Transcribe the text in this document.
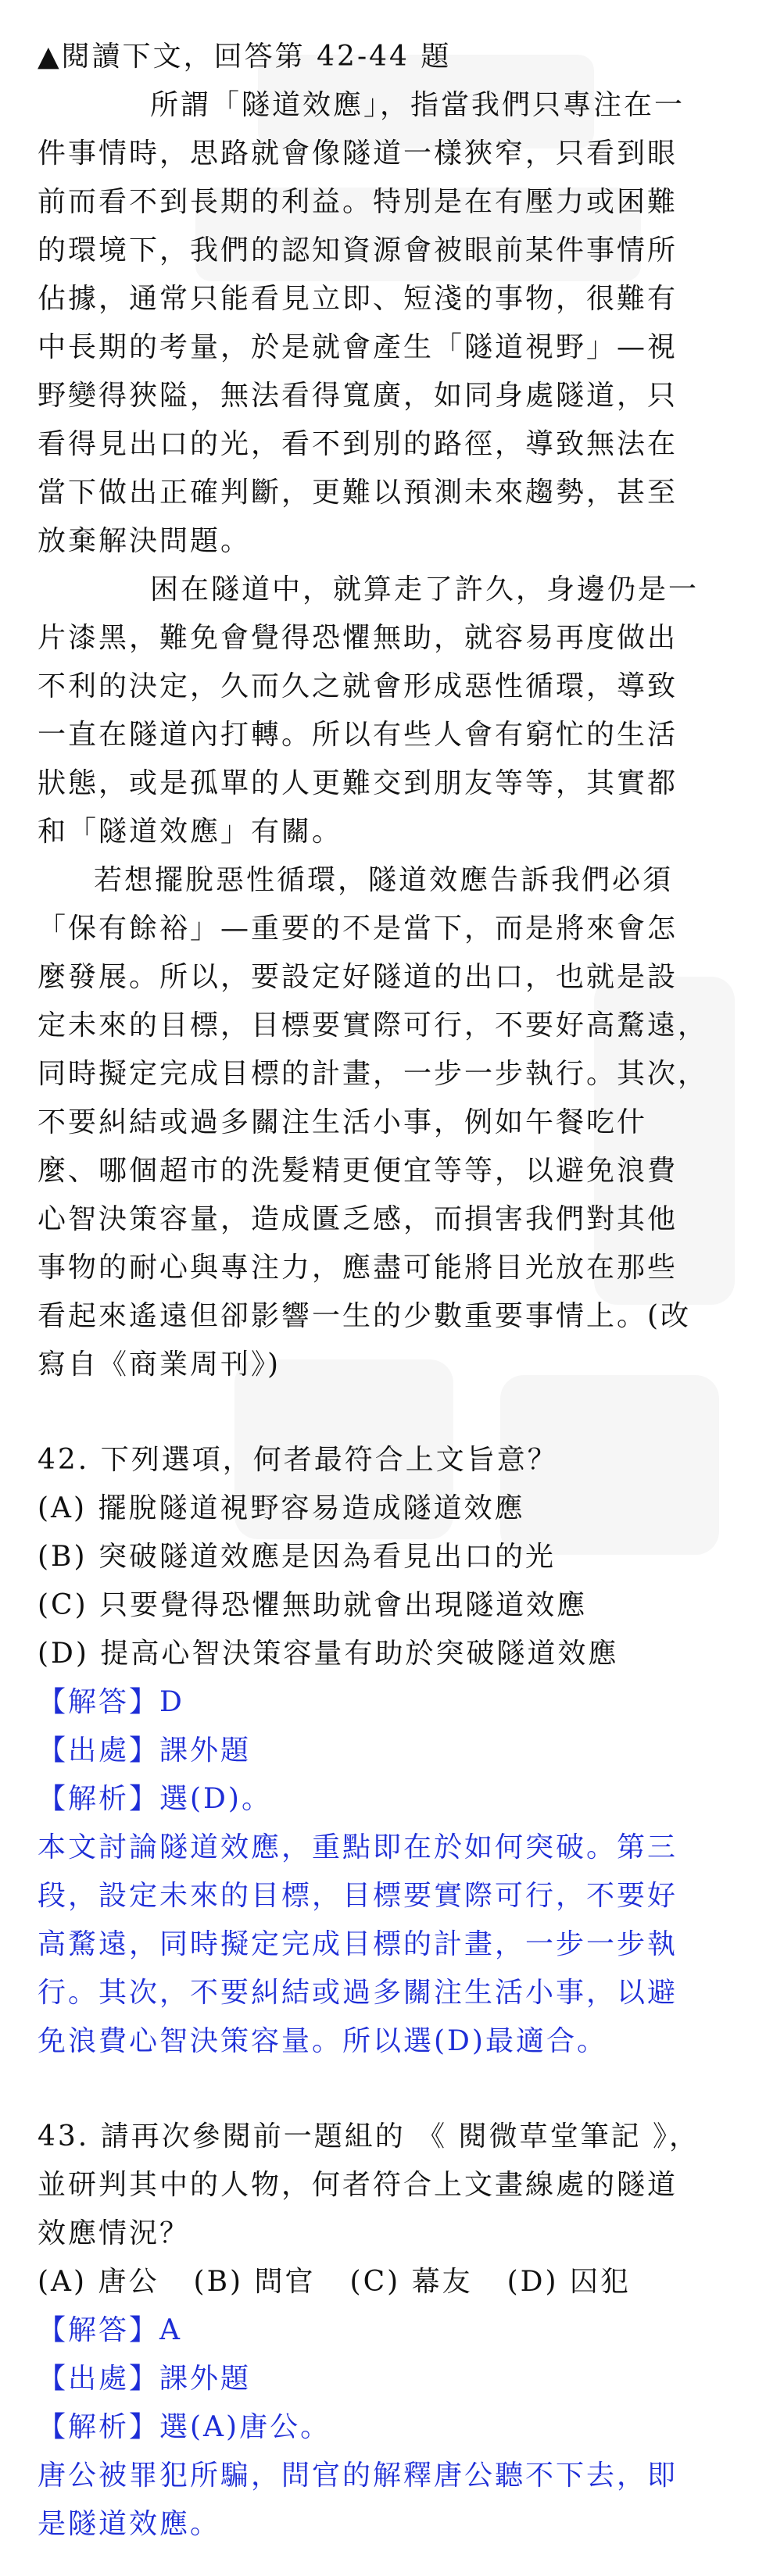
▲閱讀下文，回答第 42-44 題
所謂「隧道效應」，指當我們只專注在一
件事情時，思路就會像隧道一樣狹窄，只看到眼
前而看不到長期的利益。特別是在有壓力或困難
的環境下，我們的認知資源會被眼前某件事情所
佔據，通常只能看見立即、短淺的事物，很難有
中長期的考量，於是就會產生「隧道視野」—視
野變得狹隘，無法看得寬廣，如同身處隧道，只
看得見出口的光，看不到別的路徑，導致無法在
當下做出正確判斷，更難以預測未來趨勢，甚至
放棄解決問題。
困在隧道中，就算走了許久，身邊仍是一
片漆黑，難免會覺得恐懼無助，就容易再度做出
不利的決定，久而久之就會形成惡性循環，導致
一直在隧道內打轉。所以有些人會有窮忙的生活
狀態，或是孤單的人更難交到朋友等等，其實都
和「隧道效應」有關。
若想擺脫惡性循環，隧道效應告訴我們必須
「保有餘裕」—重要的不是當下，而是將來會怎
麼發展。所以，要設定好隧道的出口，也就是設
定未來的目標，目標要實際可行，不要好高騖遠，
同時擬定完成目標的計畫，一步一步執行。其次，
不要糾結或過多關注生活小事，例如午餐吃什
麼、哪個超市的洗髮精更便宜等等，以避免浪費
心智決策容量，造成匱乏感，而損害我們對其他
事物的耐心與專注力，應盡可能將目光放在那些
看起來遙遠但卻影響一生的少數重要事情上。(改
寫自《商業周刊》)
42. 下列選項，何者最符合上文旨意？
(A) 擺脫隧道視野容易造成隧道效應
(B) 突破隧道效應是因為看見出口的光
(C) 只要覺得恐懼無助就會出現隧道效應
(D) 提高心智決策容量有助於突破隧道效應
【解答】D
【出處】課外題
【解析】選(D)。
本文討論隧道效應，重點即在於如何突破。第三
段，設定未來的目標，目標要實際可行，不要好
高騖遠，同時擬定完成目標的計畫，一步一步執
行。其次，不要糾結或過多關注生活小事，以避
免浪費心智決策容量。所以選(D)最適合。
43. 請再次參閱前一題組的 《 閱微草堂筆記 》，
並研判其中的人物，何者符合上文畫線處的隧道
效應情況？
(A) 唐公 (B) 問官 (C) 幕友 (D) 囚犯
【解答】A
【出處】課外題
【解析】選(A)唐公。
唐公被罪犯所騙，問官的解釋唐公聽不下去，即
是隧道效應。
